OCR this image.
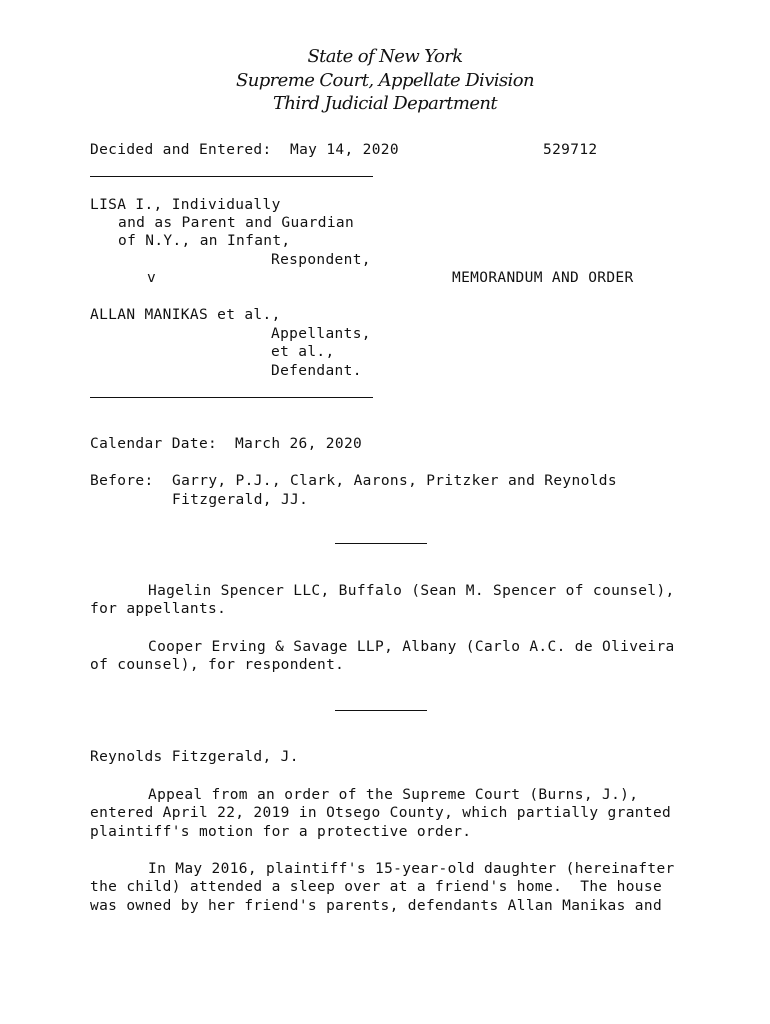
State of New York
Supreme Court, Appellate Division
Third Judicial Department
Decided and Entered: May 14, 2020	529712
LISA I., Individually
and as Parent and Guardian
of N.Y., an Infant,
Respondent,
v	MEMORANDUM AND ORDER
ALLAN MANIKAS et al.,
Appellants,
et al.,
Defendant.
Calendar Date: March 26, 2020
Before: Garry, P.J., Clark, Aarons, Pritzker and Reynolds
Fitzgerald, JJ.
Hagelin Spencer LLC, Buffalo (Sean M. Spencer of counsel),
for appellants.
Cooper Erving & Savage LLP, Albany (Carlo A.C. de Oliveira
of counsel), for respondent.
Reynolds Fitzgerald, J.
Appeal from an order of the Supreme Court (Burns, J.),
entered April 22, 2019 in Otsego County, which partially granted
plaintiff's motion for a protective order.
In May 2016, plaintiff's 15-year-old daughter (hereinafter
the child) attended a sleep over at a friend's home.  The house
was owned by her friend's parents, defendants Allan Manikas and
